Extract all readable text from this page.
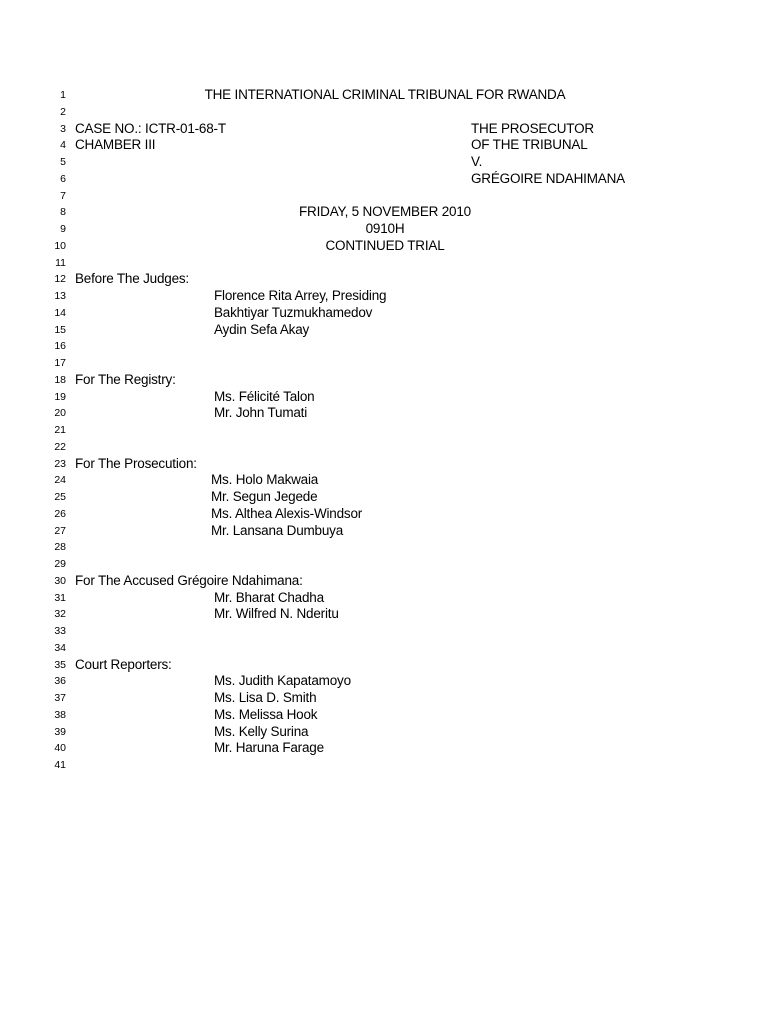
1	THE INTERNATIONAL CRIMINAL TRIBUNAL FOR RWANDA
2
3 CASE NO.: ICTR-01-68-T	THE PROSECUTOR
4 CHAMBER III	OF THE TRIBUNAL
5	V.
6	GRÉGOIRE NDAHIMANA
7
8	FRIDAY, 5 NOVEMBER 2010
9	0910H
10	CONTINUED TRIAL
11
12 Before The Judges:
13	Florence Rita Arrey, Presiding
14	Bakhtiyar Tuzmukhamedov
15	Aydin Sefa Akay
16
17
18 For The Registry:
19	Ms. Félicité Talon
20	Mr. John Tumati
21
22
23 For The Prosecution:
24	Ms. Holo Makwaia
25	Mr. Segun Jegede
26	Ms. Althea Alexis-Windsor
27	Mr. Lansana Dumbuya
28
29
30 For The Accused Grégoire Ndahimana:
31	Mr. Bharat Chadha
32	Mr. Wilfred N. Nderitu
33
34
35 Court Reporters:
36	Ms. Judith Kapatamoyo
37	Ms. Lisa D. Smith
38	Ms. Melissa Hook
39	Ms. Kelly Surina
40	Mr. Haruna Farage
41
